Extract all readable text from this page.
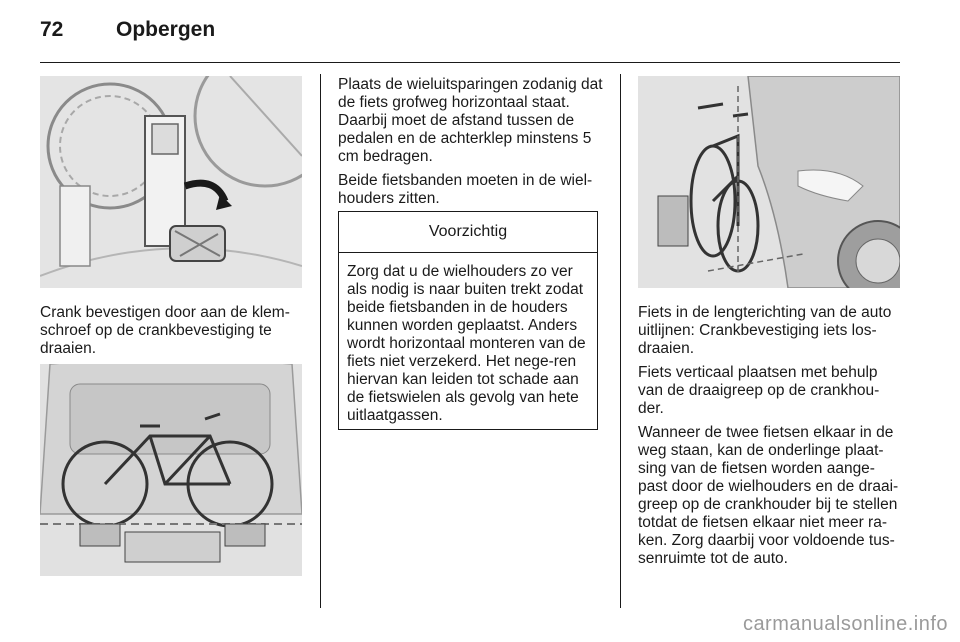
72	Opbergen
Crank bevestigen door aan de klem-
schroef op de crankbevestiging te
draaien.

Plaats de wieluitsparingen zodanig dat de fiets grofweg horizontaal staat. Daarbij moet de afstand tussen de pedalen en de achterklep minstens 5 cm bedragen.

Beide fietsbanden moeten in de wiel-houders zitten.

Voorzichtig
Zorg dat u de wielhouders zo ver als nodig is naar buiten trekt zodat beide fietsbanden in de houders kunnen worden geplaatst. Anders wordt horizontaal monteren van de fiets niet verzekerd. Het nege-ren hiervan kan leiden tot schade aan de fietswielen als gevolg van hete uitlaatgassen.

Fiets in de lengterichting van de auto uitlijnen: Crankbevestiging iets los-draaien.

Fiets verticaal plaatsen met behulp van de draaigreep op de crankhou-der.

Wanneer de twee fietsen elkaar in de weg staan, kan de onderlinge plaat-sing van de fietsen worden aange-past door de wielhouders en de draai-greep op de crankhouder bij te stellen totdat de fietsen elkaar niet meer ra-ken. Zorg daarbij voor voldoende tus-senruimte tot de auto.

carmanualsonline.info
